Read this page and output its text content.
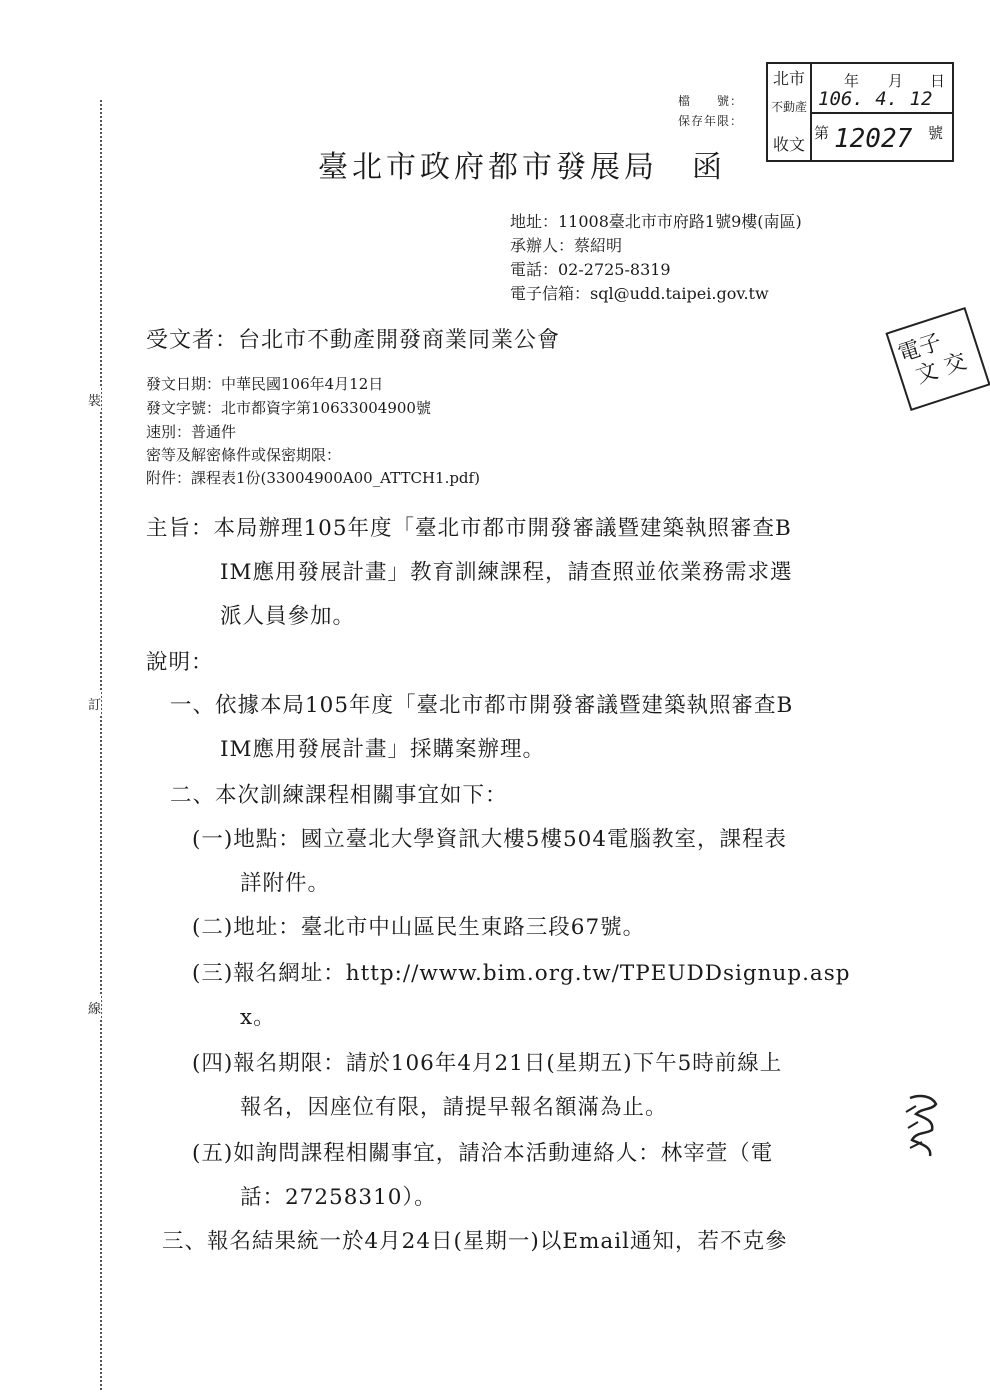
裝
訂
線
檔　　號：
保存年限：
北市
不動產
收文
106. 4. 12
年 月 日
第 12027 號
臺北市政府都市發展局　函
地址：11008臺北市市府路1號9樓(南區)
承辦人：蔡紹明
電話：02-2725-8319
電子信箱：sql@udd.taipei.gov.tw
電子
文 交
受文者：台北市不動產開發商業同業公會
發文日期：中華民國106年4月12日
發文字號：北市都資字第10633004900號
速別：普通件
密等及解密條件或保密期限：
附件：課程表1份(33004900A00_ATTCH1.pdf)
主旨：本局辦理105年度「臺北市都市開發審議暨建築執照審查B
IM應用發展計畫」教育訓練課程，請查照並依業務需求選
派人員參加。
說明：
一、依據本局105年度「臺北市都市開發審議暨建築執照審查B
IM應用發展計畫」採購案辦理。
二、本次訓練課程相關事宜如下：
(一)地點：國立臺北大學資訊大樓5樓504電腦教室，課程表
詳附件。
(二)地址：臺北市中山區民生東路三段67號。
(三)報名網址：http://www.bim.org.tw/TPEUDDsignup.asp
x。
(四)報名期限：請於106年4月21日(星期五)下午5時前線上
報名，因座位有限，請提早報名額滿為止。
(五)如詢問課程相關事宜，請洽本活動連絡人：林宰萱（電
話：27258310）。
三、報名結果統一於4月24日(星期一)以Email通知，若不克參
